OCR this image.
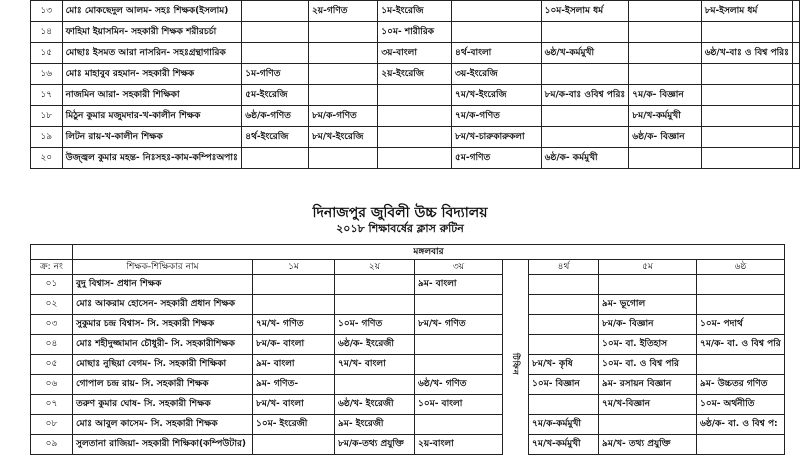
১৩	মোঃ মোকছেদুল আলম- সহঃ শিক্ষক(ইসলাম)		২য়-গণিত	১ম-ইংরেজি		১০ম-ইসলাম ধর্ম		৮ম-ইসলাম ধর্ম	
১৪	ফাহিমা ইয়াসমিন- সহকারী শিক্ষক শরীরচর্চা			১০ম- শারীরিক					
১৫	মোছাঃ ইসমত আরা নাসরিন- সহঃগ্রন্থাগারিক			৩য়-বাংলা	৪র্থ-বাংলা	৬ষ্ঠ/খ-কর্মমুখী		৬ষ্ঠ/খ-বাঃ ও বিশ্ব পরিঃ	
১৬	মোঃ মাহাবুব রহমান- সহকারী শিক্ষক	১ম-গণিত		২য়-ইংরেজি	৩য়-ইংরেজি				
১৭	নাজমিন আরা- সহকারী শিক্ষিকা	৫ম-ইংরেজি			৭ম/খ-ইংরেজি	৮ম/ক-বাঃ ওবিশ্ব পরিঃ	৭ম/ক- বিজ্ঞান		
১৮	মিঠুন কুমার মজুমদার-খ-কালীন শিক্ষক	৬ষ্ঠ/ক-গণিত	৮ম/ক-গণিত		৭ম/ক-গণিত		৮ম/খ-কর্মমুখী		
১৯	লিটন রায়-খ-কালীন শিক্ষক	৪র্থ-ইংরেজি	৮ম/খ-ইংরেজি		৮ম/খ-চারুকারুকলা		৬ষ্ঠ/ক- বিজ্ঞান		
২০	উজ্জ্বল কুমার মহন্ত- নিঃসহঃ-কাম-কম্পিঃঅপাঃ				৫ম-গণিত	৬ষ্ঠ/ক- কর্মমুখী			
দিনাজপুর জুবিলী উচ্চ বিদ্যালয়
২০১৮ শিক্ষাবর্ষের ক্লাস রুটিন
	মঙ্গলবার							
ক্র: নং	শিক্ষক-শিক্ষিকার নাম	১ম	২য়	৩য়		৪র্থ	৫ম	৬ষ্ঠ
০১	বুদু বিশ্বাস- প্রধান শিক্ষক			৯ম- বাংলা	টিফিন			

০২	মোঃ আকরাম হোসেন- সহকারী প্রধান শিক্ষক						৯ম- ভূগোল	
০৩	সুকুমার চন্দ্র বিশ্বাস- সি. সহকারী শিক্ষক	৭ম/খ- গণিত	১০ম- গণিত	৮ম/খ- গণিত			৮ম/ক- বিজ্ঞান	১০ম- পদার্থ
০৪	মোঃ শহীদুজ্জামান চৌধুরী- সি. সহকারীশিক্ষক	৮ম/ক- বাংলা	৬ষ্ঠ/ক- ইংরেজী				১০ম- বা. ইতিহাস	৭ম/ক- বা. ও বিশ্ব পরি
০৫	মোছাঃ নুছিয়া বেগম- সি. সহকারী শিক্ষিকা	৯ম- বাংলা	৭ম/খ- বাংলা			৮ম/খ- কৃষি	১০ম- বা. ও বিশ্ব পরি	
০৬	গোপাল চন্দ্র রায়- সি. সহকারী শিক্ষক	৯ম- গণিত-		৬ষ্ঠ/খ- গণিত		১০ম- বিজ্ঞান	৯ম- রসায়ন বিজ্ঞান	৯ম- উচ্চতর গণিত
০৭	তরুণ কুমার ঘোষ- সি. সহকারী শিক্ষক	৮ম/খ- বাংলা	৬ষ্ঠ/খ- ইংরেজী	১০ম- বাংলা			৭ম/খ-বিজ্ঞান	১০ম- অর্থনীতি
০৮	মোঃ আবুল কাসেম- সি. সহকারী শিক্ষক	১০ম- ইংরেজী	৯ম- ইংরেজী			৭ম/ক-কর্মমুখী		৬ষ্ঠ/ক- বা. ও বিশ্ব প:
০৯	সুলতানা রাজিয়া- সহকারী শিক্ষিকা(কম্পিউটার)		৮ম/ক-তথ্য প্রযুক্তি	২য়-বাংলা		৭ম/খ-কর্মমুখী	৯ম/খ- তথ্য প্রযুক্তি	
